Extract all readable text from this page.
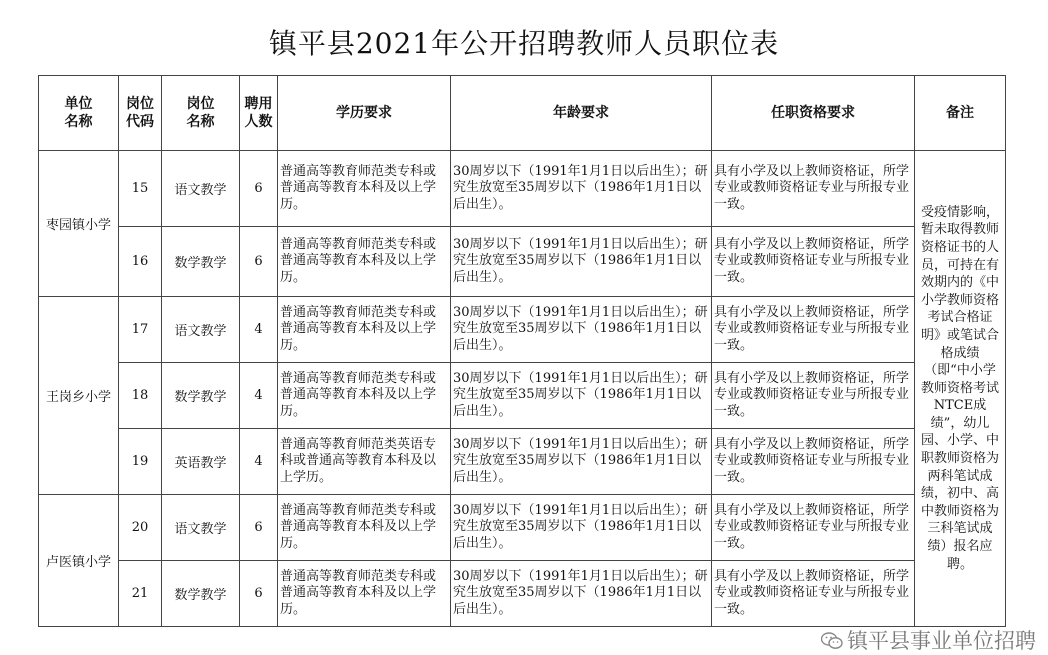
镇平县2021年公开招聘教师人员职位表
单位名称	岗位代码	岗位名称	聘用人数	学历要求	年龄要求	任职资格要求	备注
枣园镇小学	15	语文教学	6	普通高等教育师范类专科或普通高等教育本科及以上学历。	30周岁以下（1991年1月1日以后出生）；研究生放宽至35周岁以下（1986年1月1日以后出生）。	具有小学及以上教师资格证，所学专业或教师资格证专业与所报专业一致。	受疫情影响，暂未取得教师资格证书的人员，可持在有效期内的《中小学教师资格考试合格证明》或笔试合格成绩（即“中小学教师资格考试NTCE成绩”，幼儿园、小学、中职教师资格为两科笔试成绩，初中、高中教师资格为三科笔试成绩）报名应聘。
	16	数学教学	6	普通高等教育师范类专科或普通高等教育本科及以上学历。	30周岁以下（1991年1月1日以后出生）；研究生放宽至35周岁以下（1986年1月1日以后出生）。	具有小学及以上教师资格证，所学专业或教师资格证专业与所报专业一致。	
王岗乡小学	17	语文教学	4	普通高等教育师范类专科或普通高等教育本科及以上学历。	30周岁以下（1991年1月1日以后出生）；研究生放宽至35周岁以下（1986年1月1日以后出生）。	具有小学及以上教师资格证，所学专业或教师资格证专业与所报专业一致。	
	18	数学教学	4	普通高等教育师范类专科或普通高等教育本科及以上学历。	30周岁以下（1991年1月1日以后出生）；研究生放宽至35周岁以下（1986年1月1日以后出生）。	具有小学及以上教师资格证，所学专业或教师资格证专业与所报专业一致。	
	19	英语教学	4	普通高等教育师范类英语专科或普通高等教育本科及以上学历。	30周岁以下（1991年1月1日以后出生）；研究生放宽至35周岁以下（1986年1月1日以后出生）。	具有小学及以上教师资格证，所学专业或教师资格证专业与所报专业一致。	
卢医镇小学	20	语文教学	6	普通高等教育师范类专科或普通高等教育本科及以上学历。	30周岁以下（1991年1月1日以后出生）；研究生放宽至35周岁以下（1986年1月1日以后出生）。	具有小学及以上教师资格证，所学专业或教师资格证专业与所报专业一致。	
	21	数学教学	6	普通高等教育师范类专科或普通高等教育本科及以上学历。	30周岁以下（1991年1月1日以后出生）；研究生放宽至35周岁以下（1986年1月1日以后出生）。	具有小学及以上教师资格证，所学专业或教师资格证专业与所报专业一致。	
镇平县事业单位招聘
